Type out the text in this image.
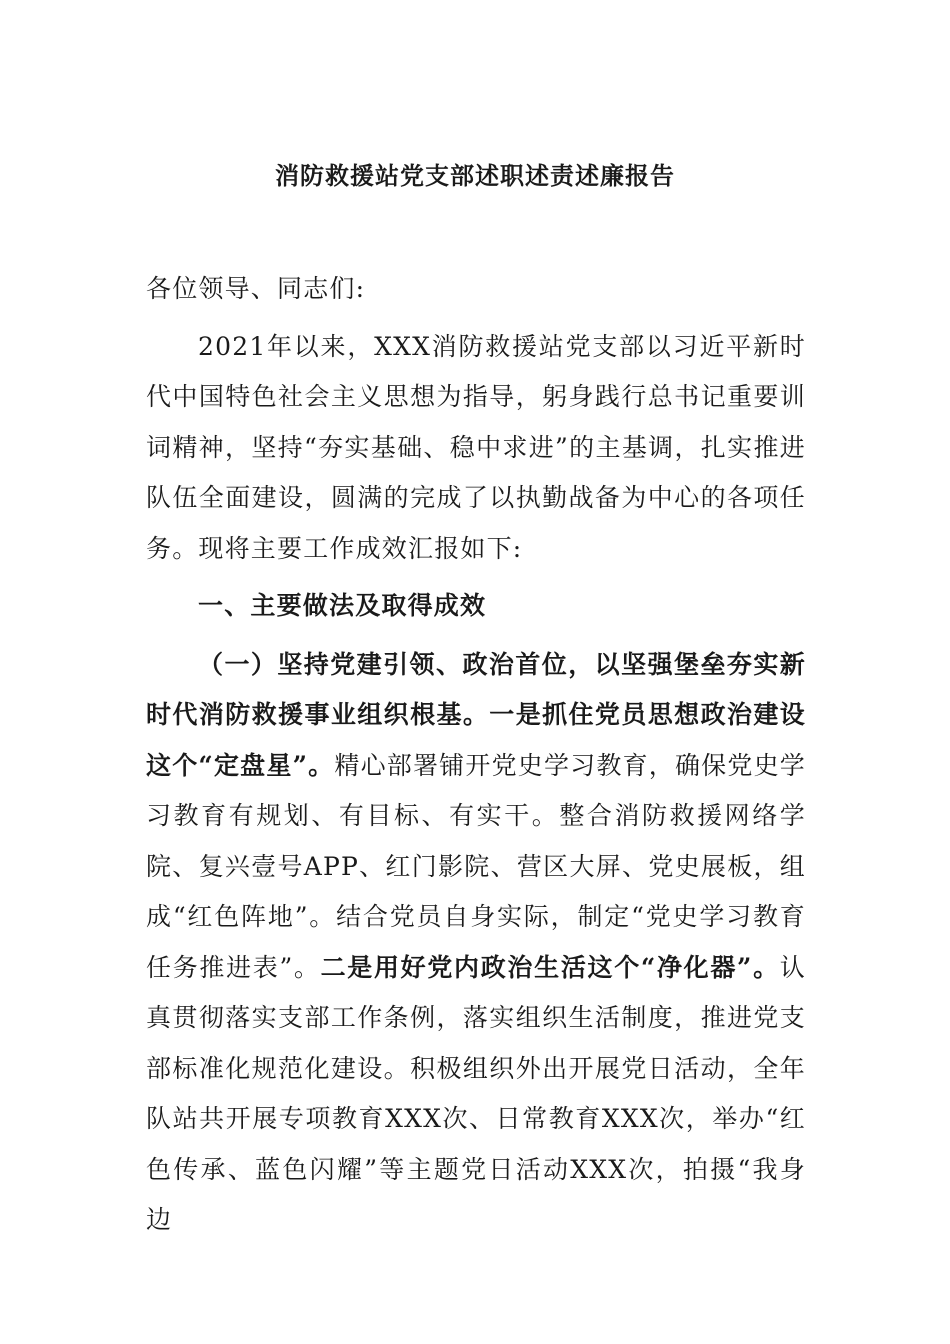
消防救援站党支部述职述责述廉报告

各位领导、同志们:

2021年以来，XXX消防救援站党支部以习近平新时代中国特色社会主义思想为指导，躬身践行总书记重要训词精神，坚持“夯实基础、稳中求进”的主基调，扎实推进队伍全面建设，圆满的完成了以执勤战备为中心的各项任务。现将主要工作成效汇报如下:

一、主要做法及取得成效

（一）坚持党建引领、政治首位，以坚强堡垒夯实新时代消防救援事业组织根基。一是抓住党员思想政治建设这个“定盘星”。精心部署铺开党史学习教育，确保党史学习教育有规划、有目标、有实干。整合消防救援网络学院、复兴壹号APP、红门影院、营区大屏、党史展板，组成“红色阵地”。结合党员自身实际，制定“党史学习教育任务推进表”。二是用好党内政治生活这个“净化器”。认真贯彻落实支部工作条例，落实组织生活制度，推进党支部标准化规范化建设。积极组织外出开展党日活动，全年队站共开展专项教育XXX次、日常教育XXX次，举办“红色传承、蓝色闪耀”等主题党日活动XXX次，拍摄“我身边
